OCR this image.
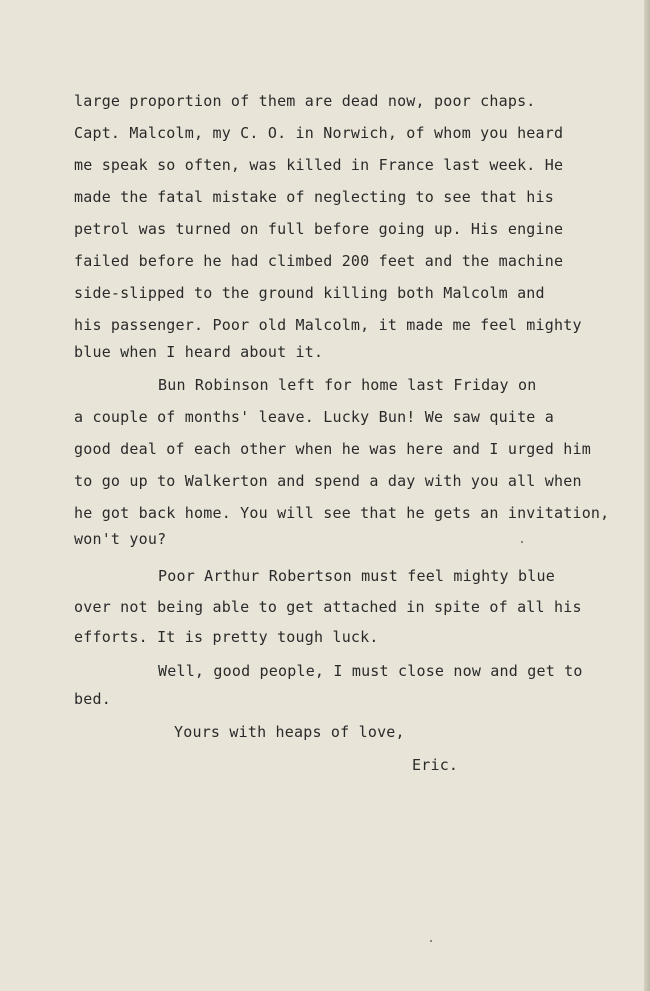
large proportion of them are dead now, poor chaps.
Capt. Malcolm, my C. O. in Norwich, of whom you heard
me speak so often, was killed in France last week. He
made the fatal mistake of neglecting to see that his
petrol was turned on full before going up. His engine
failed before he had climbed 200 feet and the machine
side-slipped to the ground killing both Malcolm and
his passenger. Poor old Malcolm, it made me feel mighty
blue when I heard about it.
Bun Robinson left for home last Friday on
a couple of months' leave. Lucky Bun! We saw quite a
good deal of each other when he was here and I urged him
to go up to Walkerton and spend a day with you all when
he got back home. You will see that he gets an invitation,
won't you?
Poor Arthur Robertson must feel mighty blue
over not being able to get attached in spite of all his
efforts. It is pretty tough luck.
Well, good people, I must close now and get to
bed.
Yours with heaps of love,
Eric.
